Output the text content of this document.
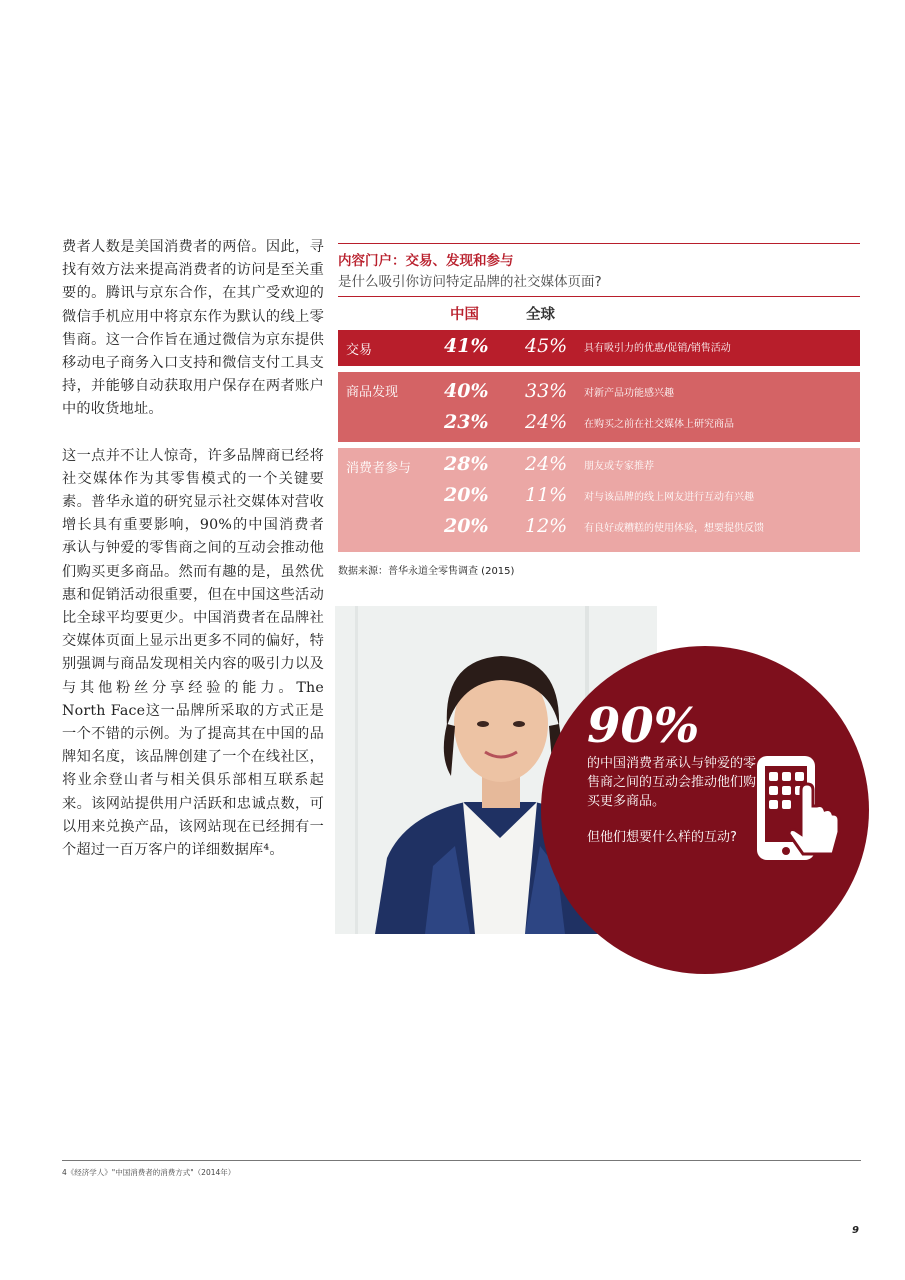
费者人数是美国消费者的两倍。因此，寻找有效方法来提高消费者的访问是至关重要的。腾讯与京东合作，在其广受欢迎的微信手机应用中将京东作为默认的线上零售商。这一合作旨在通过微信为京东提供移动电子商务入口支持和微信支付工具支持，并能够自动获取用户保存在两者账户中的收货地址。

这一点并不让人惊奇，许多品牌商已经将社交媒体作为其零售模式的一个关键要素。普华永道的研究显示社交媒体对营收增长具有重要影响，90%的中国消费者承认与钟爱的零售商之间的互动会推动他们购买更多商品。然而有趣的是，虽然优惠和促销活动很重要，但在中国这些活动比全球平均要更少。中国消费者在品牌社交媒体页面上显示出更多不同的偏好，特别强调与商品发现相关内容的吸引力以及与其他粉丝分享经验的能力。The North Face这一品牌所采取的方式正是一个不错的示例。为了提高其在中国的品牌知名度，该品牌创建了一个在线社区，将业余登山者与相关俱乐部相互联系起来。该网站提供用户活跃和忠诚点数，可以用来兑换产品，该网站现在已经拥有一个超过一百万客户的详细数据库⁴。

内容门户：交易、发现和参与
是什么吸引你访问特定品牌的社交媒体页面?
中国	全球
交易	41% 45% 具有吸引力的优惠/促销/销售活动
商品发现 40% 33% 对新产品功能感兴趣
23% 24% 在购买之前在社交媒体上研究商品
消费者参与 28% 24% 朋友或专家推荐
20% 11% 对与该品牌的线上网友进行互动有兴趣
20% 12% 有良好或糟糕的使用体验，想要提供反馈
数据来源：普华永道全零售调查 (2015)
90%
的中国消费者承认与钟爱的零售商之间的互动会推动他们购买更多商品。
但他们想要什么样的互动?
4《经济学人》"中国消费者的消费方式"（2014年）
9
